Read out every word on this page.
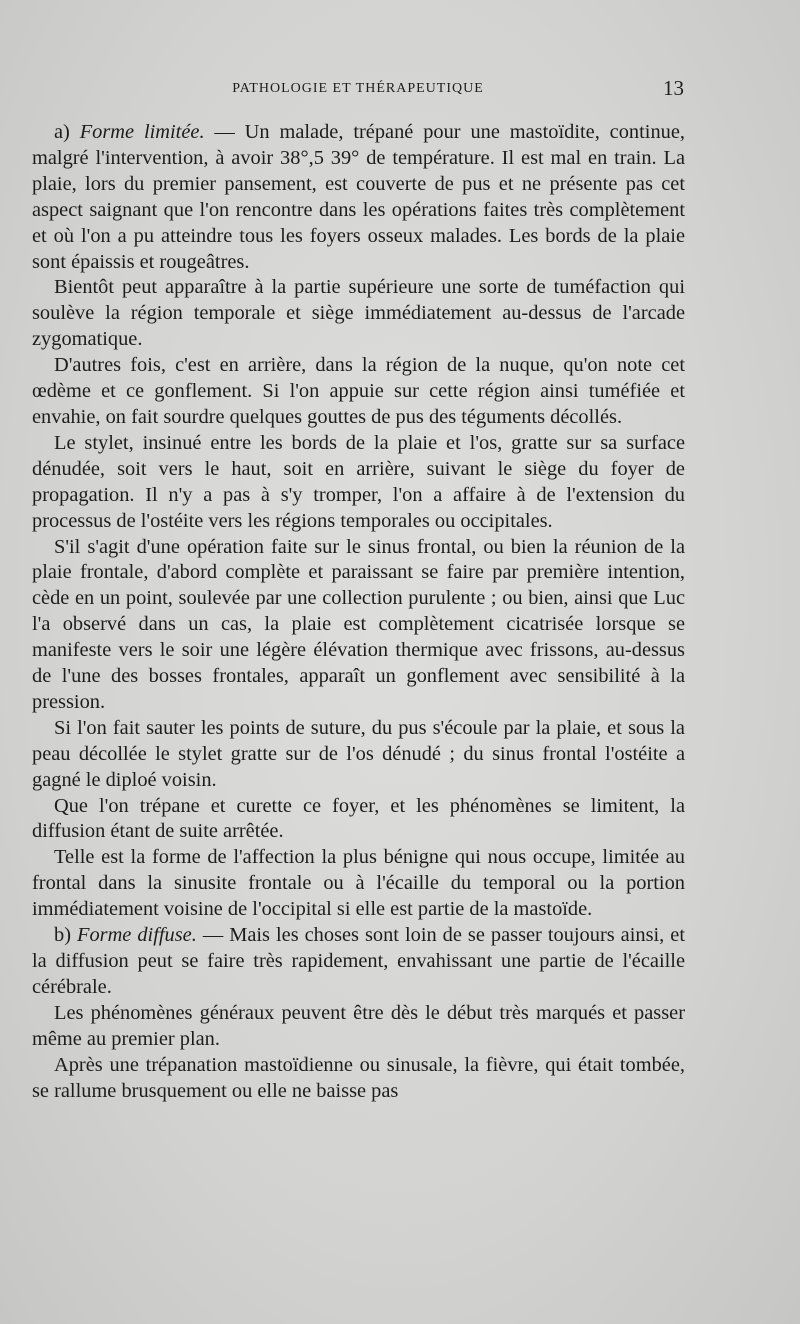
PATHOLOGIE ET THÉRAPEUTIQUE	13

a) Forme limitée. — Un malade, trépané pour une mastoïdite, continue, malgré l'intervention, à avoir 38°,5 39° de température. Il est mal en train. La plaie, lors du premier pansement, est couverte de pus et ne présente pas cet aspect saignant que l'on rencontre dans les opérations faites très complètement et où l'on a pu atteindre tous les foyers osseux malades. Les bords de la plaie sont épaissis et rougeâtres.

Bientôt peut apparaître à la partie supérieure une sorte de tuméfaction qui soulève la région temporale et siège immédiatement au-dessus de l'arcade zygomatique.

D'autres fois, c'est en arrière, dans la région de la nuque, qu'on note cet œdème et ce gonflement. Si l'on appuie sur cette région ainsi tuméfiée et envahie, on fait sourdre quelques gouttes de pus des téguments décollés.

Le stylet, insinué entre les bords de la plaie et l'os, gratte sur sa surface dénudée, soit vers le haut, soit en arrière, suivant le siège du foyer de propagation. Il n'y a pas à s'y tromper, l'on a affaire à de l'extension du processus de l'ostéite vers les régions temporales ou occipitales.

S'il s'agit d'une opération faite sur le sinus frontal, ou bien la réunion de la plaie frontale, d'abord complète et paraissant se faire par première intention, cède en un point, soulevée par une collection purulente ; ou bien, ainsi que Luc l'a observé dans un cas, la plaie est complètement cicatrisée lorsque se manifeste vers le soir une légère élévation thermique avec frissons, au-dessus de l'une des bosses frontales, apparaît un gonflement avec sensibilité à la pression.

Si l'on fait sauter les points de suture, du pus s'écoule par la plaie, et sous la peau décollée le stylet gratte sur de l'os dénudé ; du sinus frontal l'ostéite a gagné le diploé voisin.

Que l'on trépane et curette ce foyer, et les phénomènes se limitent, la diffusion étant de suite arrêtée.

Telle est la forme de l'affection la plus bénigne qui nous occupe, limitée au frontal dans la sinusite frontale ou à l'écaille du temporal ou la portion immédiatement voisine de l'occipital si elle est partie de la mastoïde.

b) Forme diffuse. — Mais les choses sont loin de se passer toujours ainsi, et la diffusion peut se faire très rapidement, envahissant une partie de l'écaille cérébrale.

Les phénomènes généraux peuvent être dès le début très marqués et passer même au premier plan.

Après une trépanation mastoïdienne ou sinusale, la fièvre, qui était tombée, se rallume brusquement ou elle ne baisse pas
